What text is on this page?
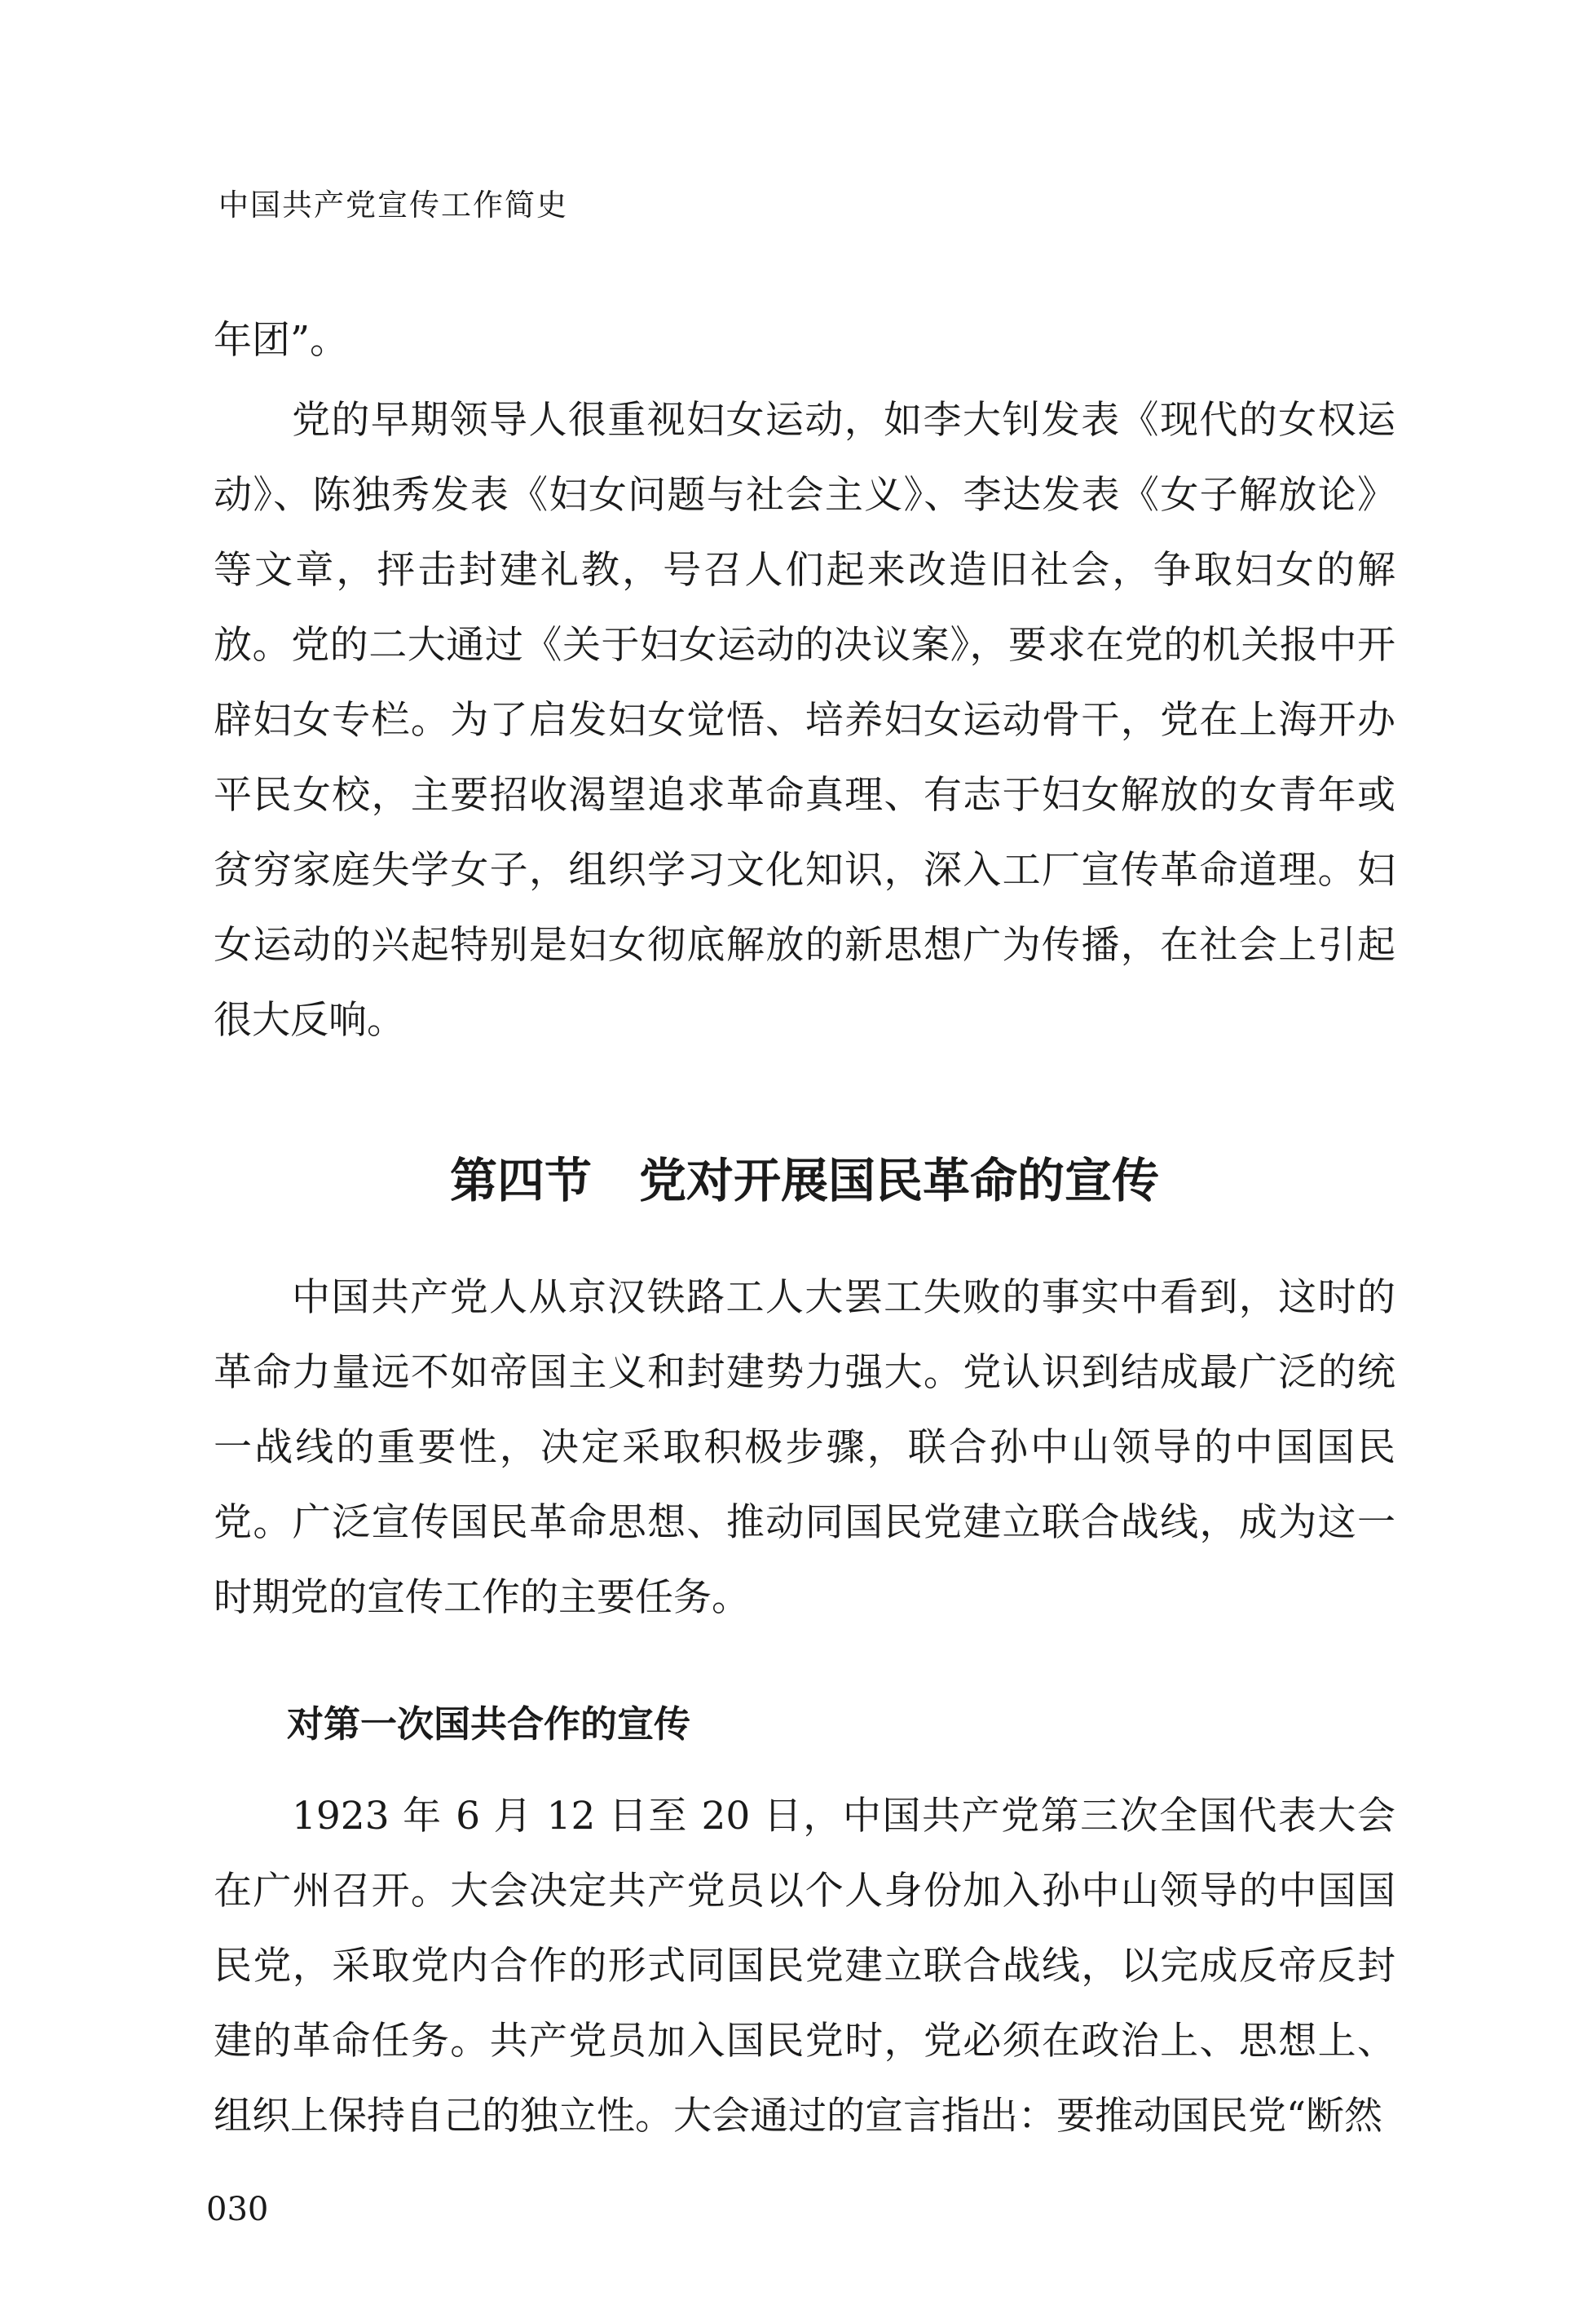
中国共产党宣传工作简史

年团”。

党的早期领导人很重视妇女运动，如李大钊发表《现代的女权运动》、陈独秀发表《妇女问题与社会主义》、李达发表《女子解放论》等文章，抨击封建礼教，号召人们起来改造旧社会，争取妇女的解放。党的二大通过《关于妇女运动的决议案》，要求在党的机关报中开辟妇女专栏。为了启发妇女觉悟、培养妇女运动骨干，党在上海开办平民女校，主要招收渴望追求革命真理、有志于妇女解放的女青年或贫穷家庭失学女子，组织学习文化知识，深入工厂宣传革命道理。妇女运动的兴起特别是妇女彻底解放的新思想广为传播，在社会上引起很大反响。

第四节　党对开展国民革命的宣传

中国共产党人从京汉铁路工人大罢工失败的事实中看到，这时的革命力量远不如帝国主义和封建势力强大。党认识到结成最广泛的统一战线的重要性，决定采取积极步骤，联合孙中山领导的中国国民党。广泛宣传国民革命思想、推动同国民党建立联合战线，成为这一时期党的宣传工作的主要任务。

对第一次国共合作的宣传

1923 年 6 月 12 日至 20 日，中国共产党第三次全国代表大会在广州召开。大会决定共产党员以个人身份加入孙中山领导的中国国民党，采取党内合作的形式同国民党建立联合战线，以完成反帝反封建的革命任务。共产党员加入国民党时，党必须在政治上、思想上、组织上保持自己的独立性。大会通过的宣言指出：要推动国民党“断然

030
